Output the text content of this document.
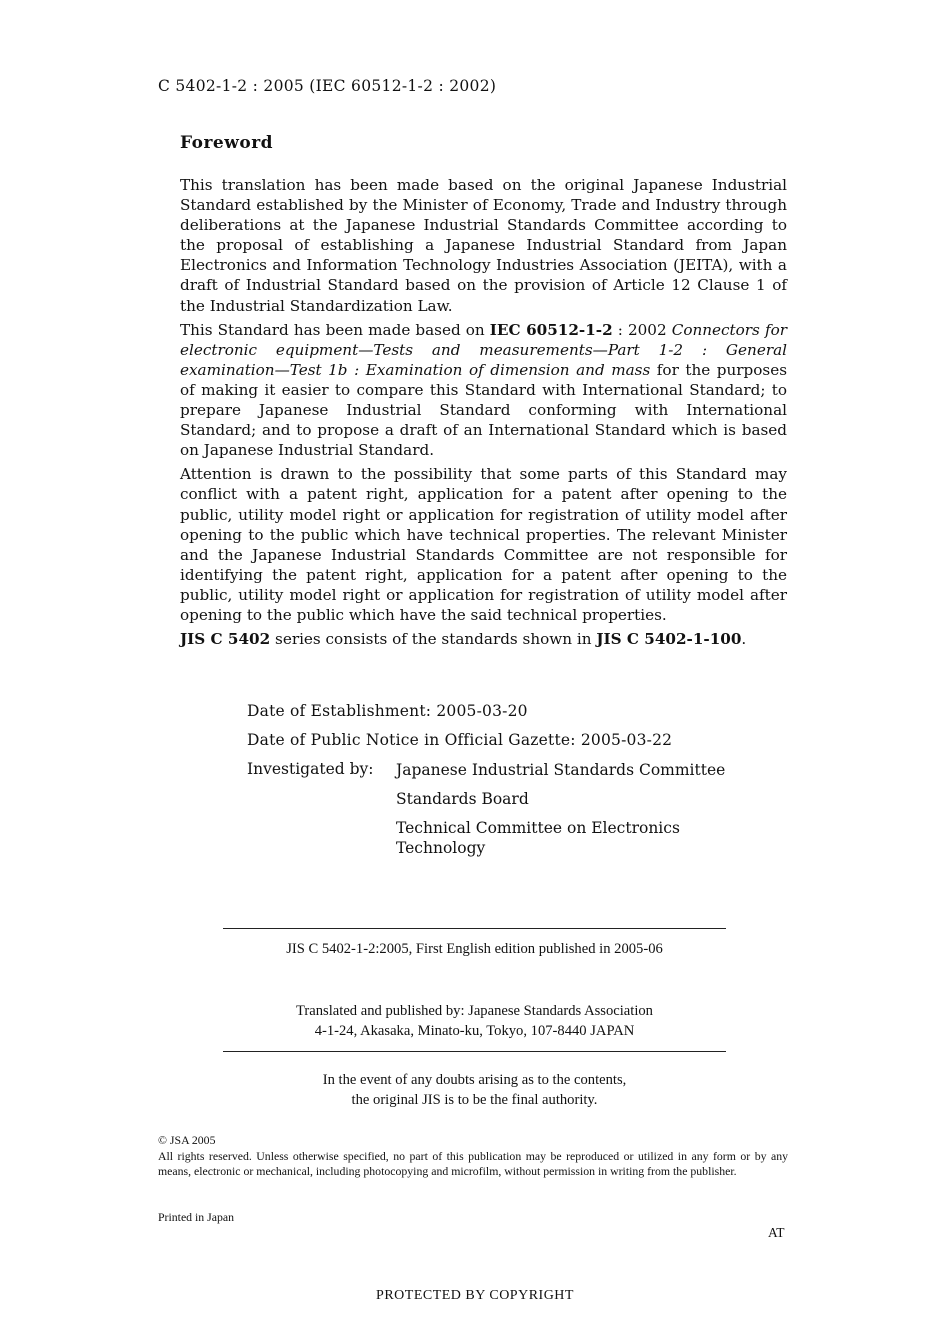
C 5402-1-2 : 2005 (IEC 60512-1-2 : 2002)
Foreword

This translation has been made based on the original Japanese Industrial Standard established by the Minister of Economy, Trade and Industry through deliberations at the Japanese Industrial Standards Committee according to the proposal of establishing a Japanese Industrial Standard from Japan Electronics and Information Technology Industries Association (JEITA), with a draft of Industrial Standard based on the provision of Article 12 Clause 1 of the Industrial Standardization Law.

This Standard has been made based on IEC 60512-1-2 : 2002 Connectors for electronic equipment—Tests and measurements—Part 1-2 : General examination—Test 1b : Examination of dimension and mass for the purposes of making it easier to compare this Standard with International Standard; to prepare Japanese Industrial Standard conforming with International Standard; and to propose a draft of an International Standard which is based on Japanese Industrial Standard.

Attention is drawn to the possibility that some parts of this Standard may conflict with a patent right, application for a patent after opening to the public, utility model right or application for registration of utility model after opening to the public which have technical properties. The relevant Minister and the Japanese Industrial Standards Committee are not responsible for identifying the patent right, application for a patent after opening to the public, utility model right or application for registration of utility model after opening to the public which have the said technical properties.

JIS C 5402 series consists of the standards shown in JIS C 5402-1-100.

Date of Establishment: 2005-03-20
Date of Public Notice in Official Gazette: 2005-03-22
Investigated by: Japanese Industrial Standards Committee
Standards Board
Technical Committee on Electronics Technology
JIS C 5402-1-2:2005, First English edition published in 2005-06
Translated and published by: Japanese Standards Association
4-1-24, Akasaka, Minato-ku, Tokyo, 107-8440 JAPAN
In the event of any doubts arising as to the contents,
the original JIS is to be the final authority.
© JSA 2005
All rights reserved. Unless otherwise specified, no part of this publication may be reproduced or utilized in any form or by any means, electronic or mechanical, including photocopying and microfilm, without permission in writing from the publisher.
Printed in Japan
AT
PROTECTED BY COPYRIGHT
